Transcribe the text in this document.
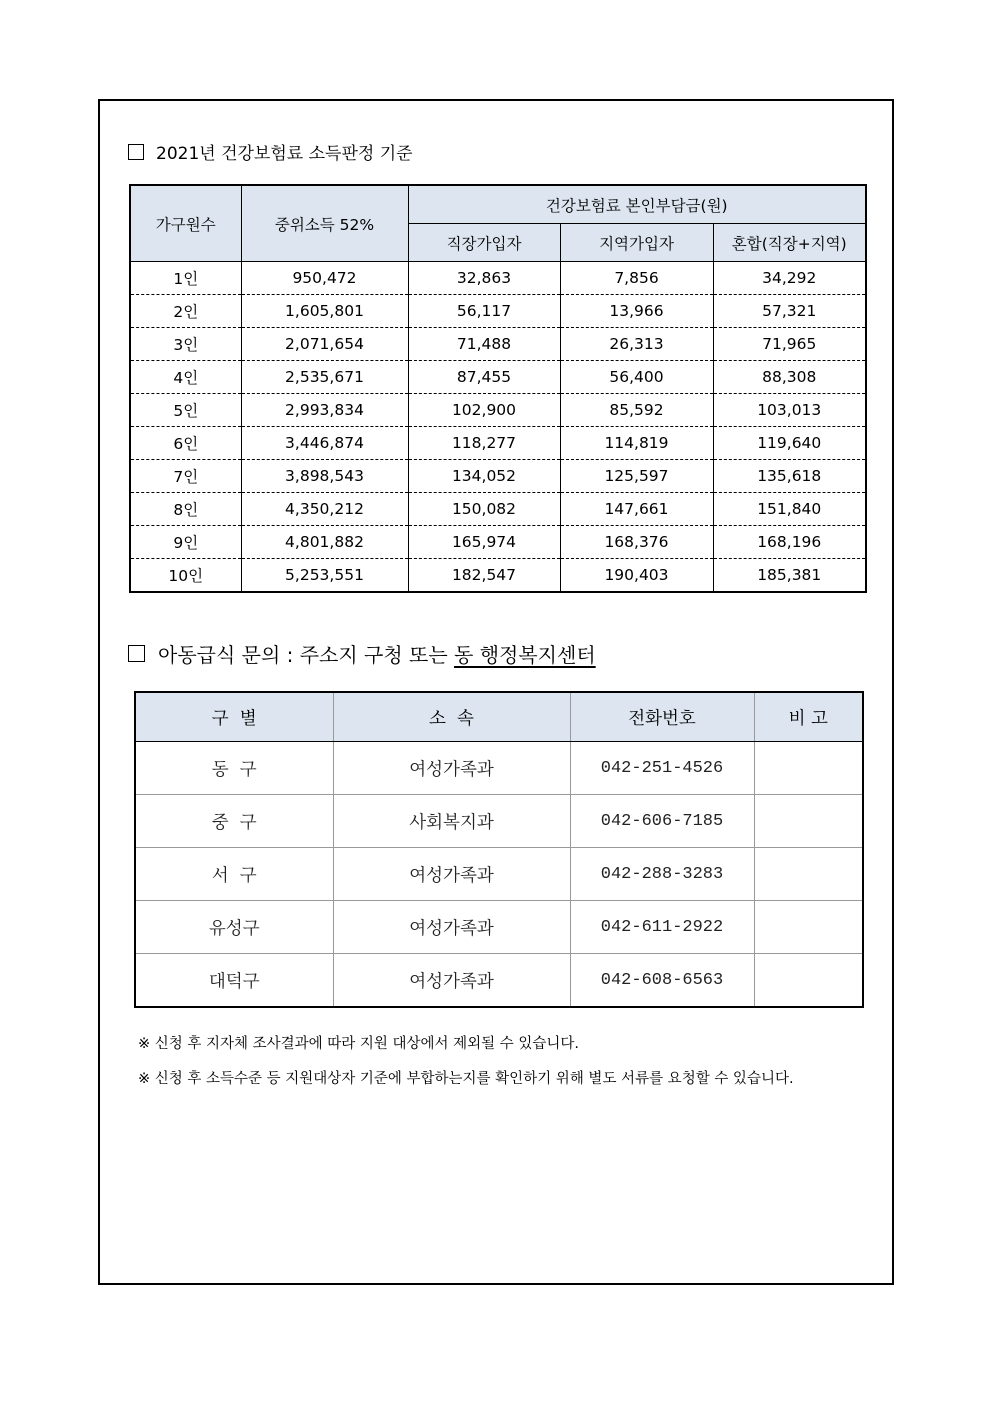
2021년 건강보험료 소득판정 기준
가구원수	중위소득 52%	건강보험료 본인부담금(원)		
		직장가입자	지역가입자	혼합(직장+지역)
1인	950,472	32,863	7,856	34,292
2인	1,605,801	56,117	13,966	57,321
3인	2,071,654	71,488	26,313	71,965
4인	2,535,671	87,455	56,400	88,308
5인	2,993,834	102,900	85,592	103,013
6인	3,446,874	118,277	114,819	119,640
7인	3,898,543	134,052	125,597	135,618
8인	4,350,212	150,082	147,661	151,840
9인	4,801,882	165,974	168,376	168,196
10인	5,253,551	182,547	190,403	185,381
아동급식 문의 : 주소지 구청 또는 동 행정복지센터
구  별	소  속	전화번호	비 고
동  구	여성가족과	042-251-4526	
중  구	사회복지과	042-606-7185	
서  구	여성가족과	042-288-3283	
유성구	여성가족과	042-611-2922	
대덕구	여성가족과	042-608-6563	
※ 신청 후 지자체 조사결과에 따라 지원 대상에서 제외될 수 있습니다.
※ 신청 후 소득수준 등 지원대상자 기준에 부합하는지를 확인하기 위해 별도 서류를 요청할 수 있습니다.
